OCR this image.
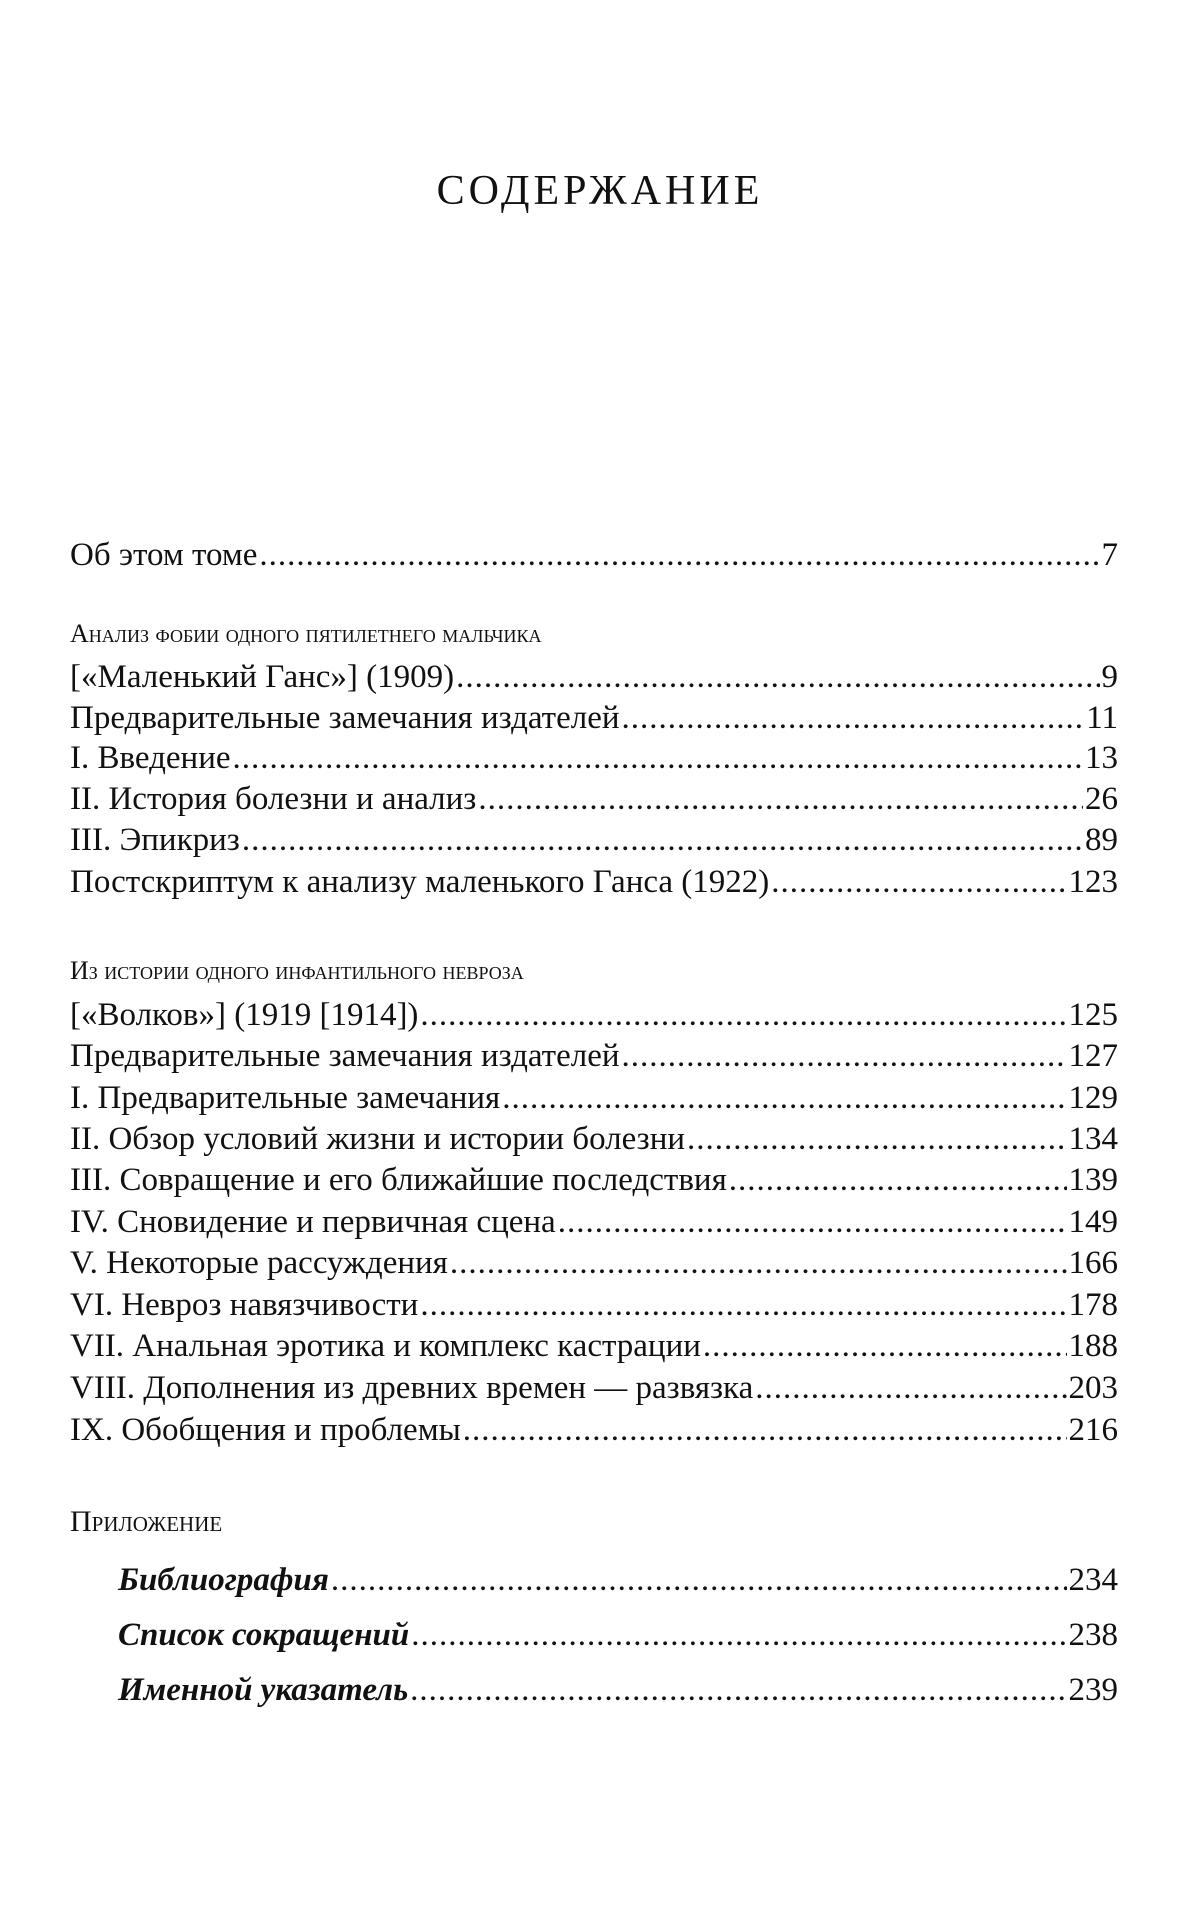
СОДЕРЖАНИЕ
Об этом томе .....	7
Анализ фобии одного пятилетнего мальчика
[«Маленький Ганс»] (1909) .....	9
Предварительные замечания издателей .....	11
I. Введение .....	13
II. История болезни и анализ .....	26
III. Эпикриз .....	89
Постскриптум к анализу маленького Ганса (1922) .....	123
Из истории одного инфантильного невроза
[«Волков»] (1919 [1914]) .....	125
Предварительные замечания издателей .....	127
I. Предварительные замечания .....	129
II. Обзор условий жизни и истории болезни .....	134
III. Совращение и его ближайшие последствия .....	139
IV. Сновидение и первичная сцена .....	149
V. Некоторые рассуждения .....	166
VI. Невроз навязчивости .....	178
VII. Анальная эротика и комплекс кастрации .....	188
VIII. Дополнения из древних времен — развязка .....	203
IX. Обобщения и проблемы .....	216
Приложение
Библиография .....	234
Список сокращений .....	238
Именной указатель .....	239
